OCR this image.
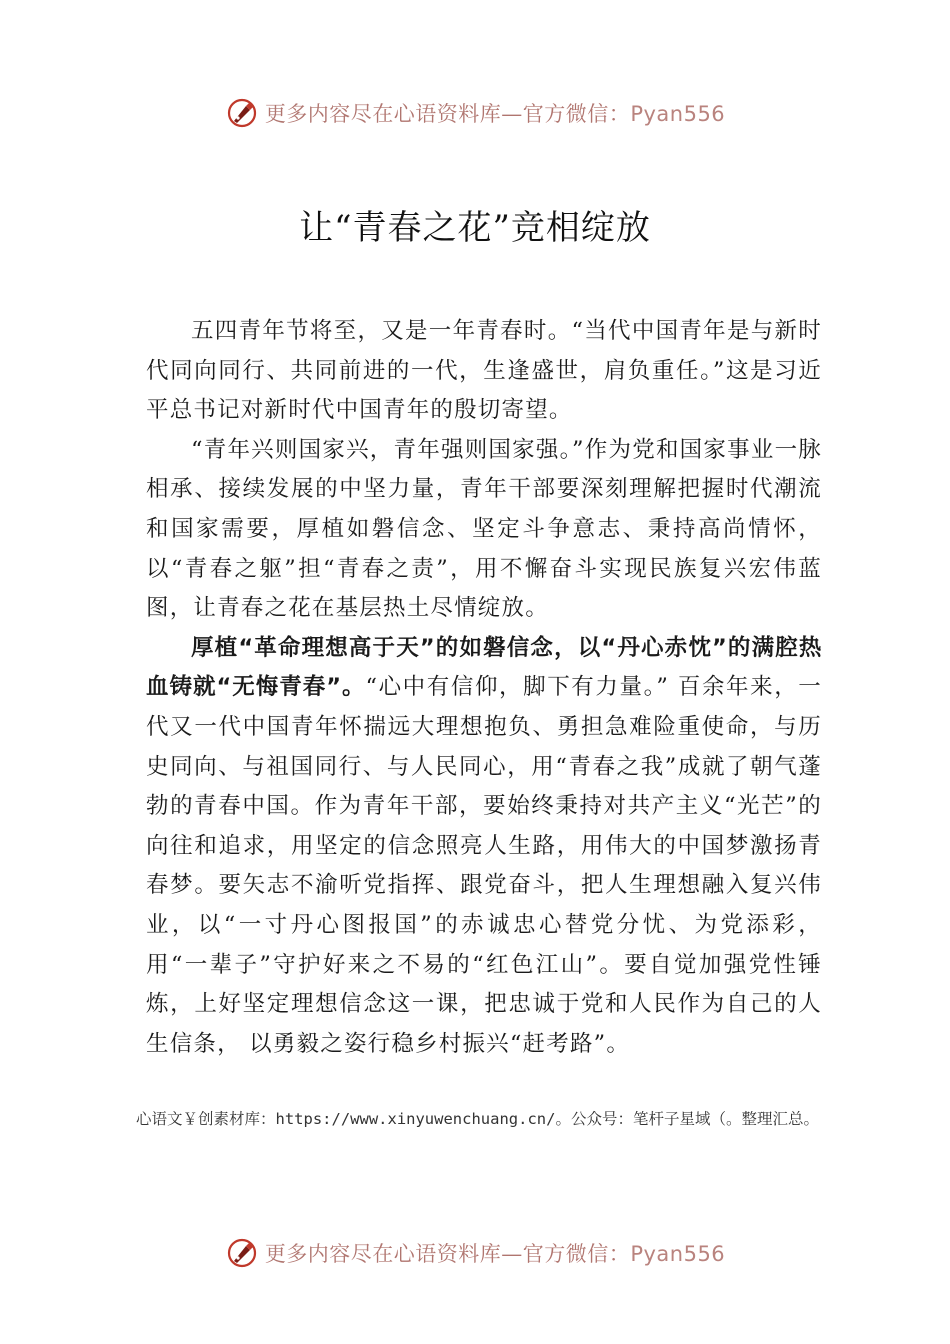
更多内容尽在心语资料库—官方微信：Pyan556
让“青春之花”竞相绽放

五四青年节将至，又是一年青春时。“当代中国青年是与新时代同向同行、共同前进的一代，生逢盛世，肩负重任。”这是习近平总书记对新时代中国青年的殷切寄望。

“青年兴则国家兴，青年强则国家强。”作为党和国家事业一脉相承、接续发展的中坚力量，青年干部要深刻理解把握时代潮流和国家需要，厚植如磐信念、坚定斗争意志、秉持高尚情怀，以“青春之躯”担“青春之责”，用不懈奋斗实现民族复兴宏伟蓝图，让青春之花在基层热土尽情绽放。

厚植“革命理想高于天”的如磐信念，以“丹心赤忱”的满腔热血铸就“无悔青春”。“心中有信仰，脚下有力量。” 百余年来，一代又一代中国青年怀揣远大理想抱负、勇担急难险重使命，与历史同向、与祖国同行、与人民同心，用“青春之我”成就了朝气蓬勃的青春中国。作为青年干部，要始终秉持对共产主义“光芒”的向往和追求，用坚定的信念照亮人生路，用伟大的中国梦激扬青春梦。要矢志不渝听党指挥、跟党奋斗，把人生理想融入复兴伟业，以“一寸丹心图报国”的赤诚忠心替党分忧、为党添彩，用“一辈子”守护好来之不易的“红色江山”。要自觉加强党性锤炼，上好坚定理想信念这一课，把忠诚于党和人民作为自己的人生信条， 以勇毅之姿行稳乡村振兴“赶考路”。

心语文￥创素材库：https://www.xinyuwenchuang.cn/。公众号：笔杆子星域（。整理汇总。
更多内容尽在心语资料库—官方微信：Pyan556
